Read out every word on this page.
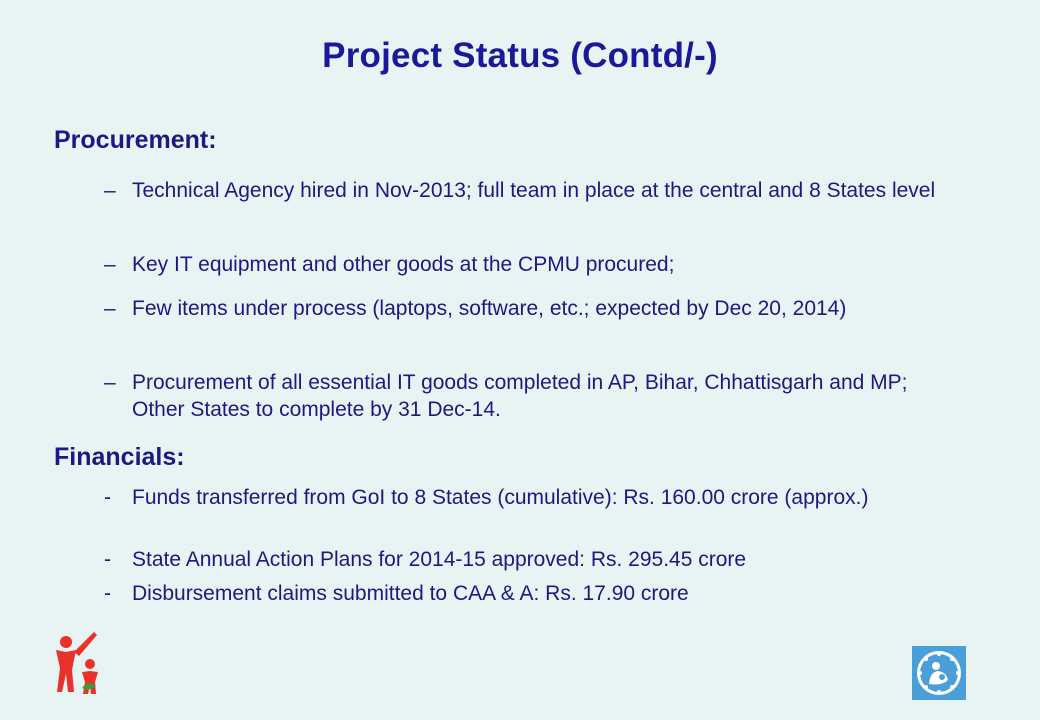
Project Status (Contd/-)
Procurement:
– Technical Agency hired in Nov-2013; full team in place at the central and 8 States level
– Key IT equipment and other goods at the CPMU procured;
– Few items under process (laptops, software, etc.; expected by Dec 20, 2014)
– Procurement of all essential IT goods completed in AP, Bihar, Chhattisgarh and MP; Other States to complete by 31 Dec-14.
Financials:
-	Funds transferred from GoI to 8 States (cumulative): Rs. 160.00 crore (approx.)
-	State Annual Action Plans for 2014-15 approved: Rs. 295.45 crore
-	Disbursement claims submitted to CAA & A: Rs. 17.90 crore
